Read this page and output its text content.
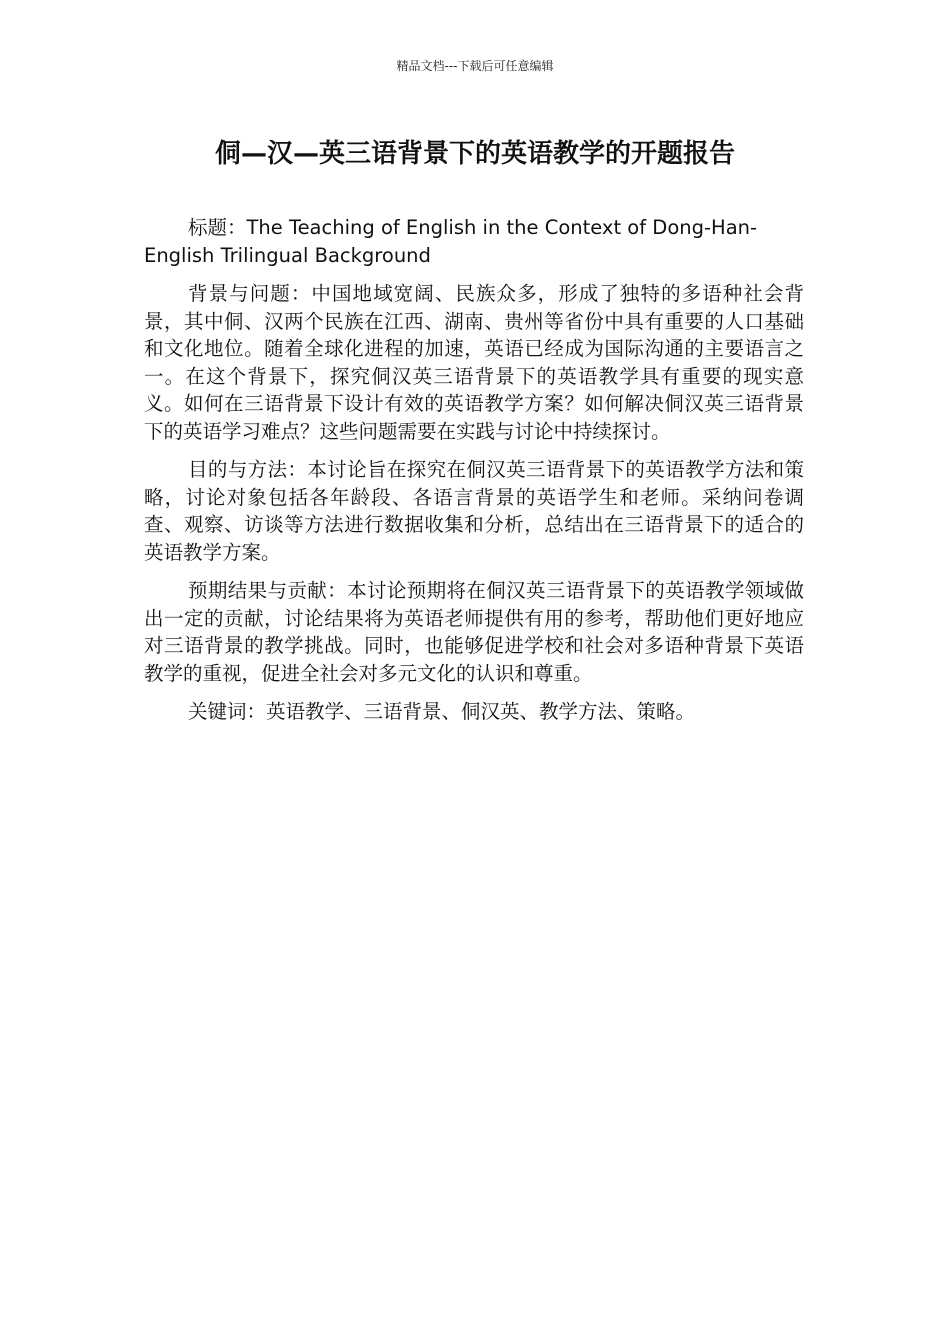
精品文档---下载后可任意编辑
侗—汉—英三语背景下的英语教学的开题报告

标题：The Teaching of English in the Context of Dong-Han-English Trilingual Background

背景与问题：中国地域宽阔、民族众多，形成了独特的多语种社会背景，其中侗、汉两个民族在江西、湖南、贵州等省份中具有重要的人口基础和文化地位。随着全球化进程的加速，英语已经成为国际沟通的主要语言之一。在这个背景下，探究侗汉英三语背景下的英语教学具有重要的现实意义。如何在三语背景下设计有效的英语教学方案？如何解决侗汉英三语背景下的英语学习难点？这些问题需要在实践与讨论中持续探讨。

目的与方法：本讨论旨在探究在侗汉英三语背景下的英语教学方法和策略，讨论对象包括各年龄段、各语言背景的英语学生和老师。采纳问卷调查、观察、访谈等方法进行数据收集和分析，总结出在三语背景下的适合的英语教学方案。

预期结果与贡献：本讨论预期将在侗汉英三语背景下的英语教学领域做出一定的贡献，讨论结果将为英语老师提供有用的参考，帮助他们更好地应对三语背景的教学挑战。同时，也能够促进学校和社会对多语种背景下英语教学的重视，促进全社会对多元文化的认识和尊重。

关键词：英语教学、三语背景、侗汉英、教学方法、策略。
